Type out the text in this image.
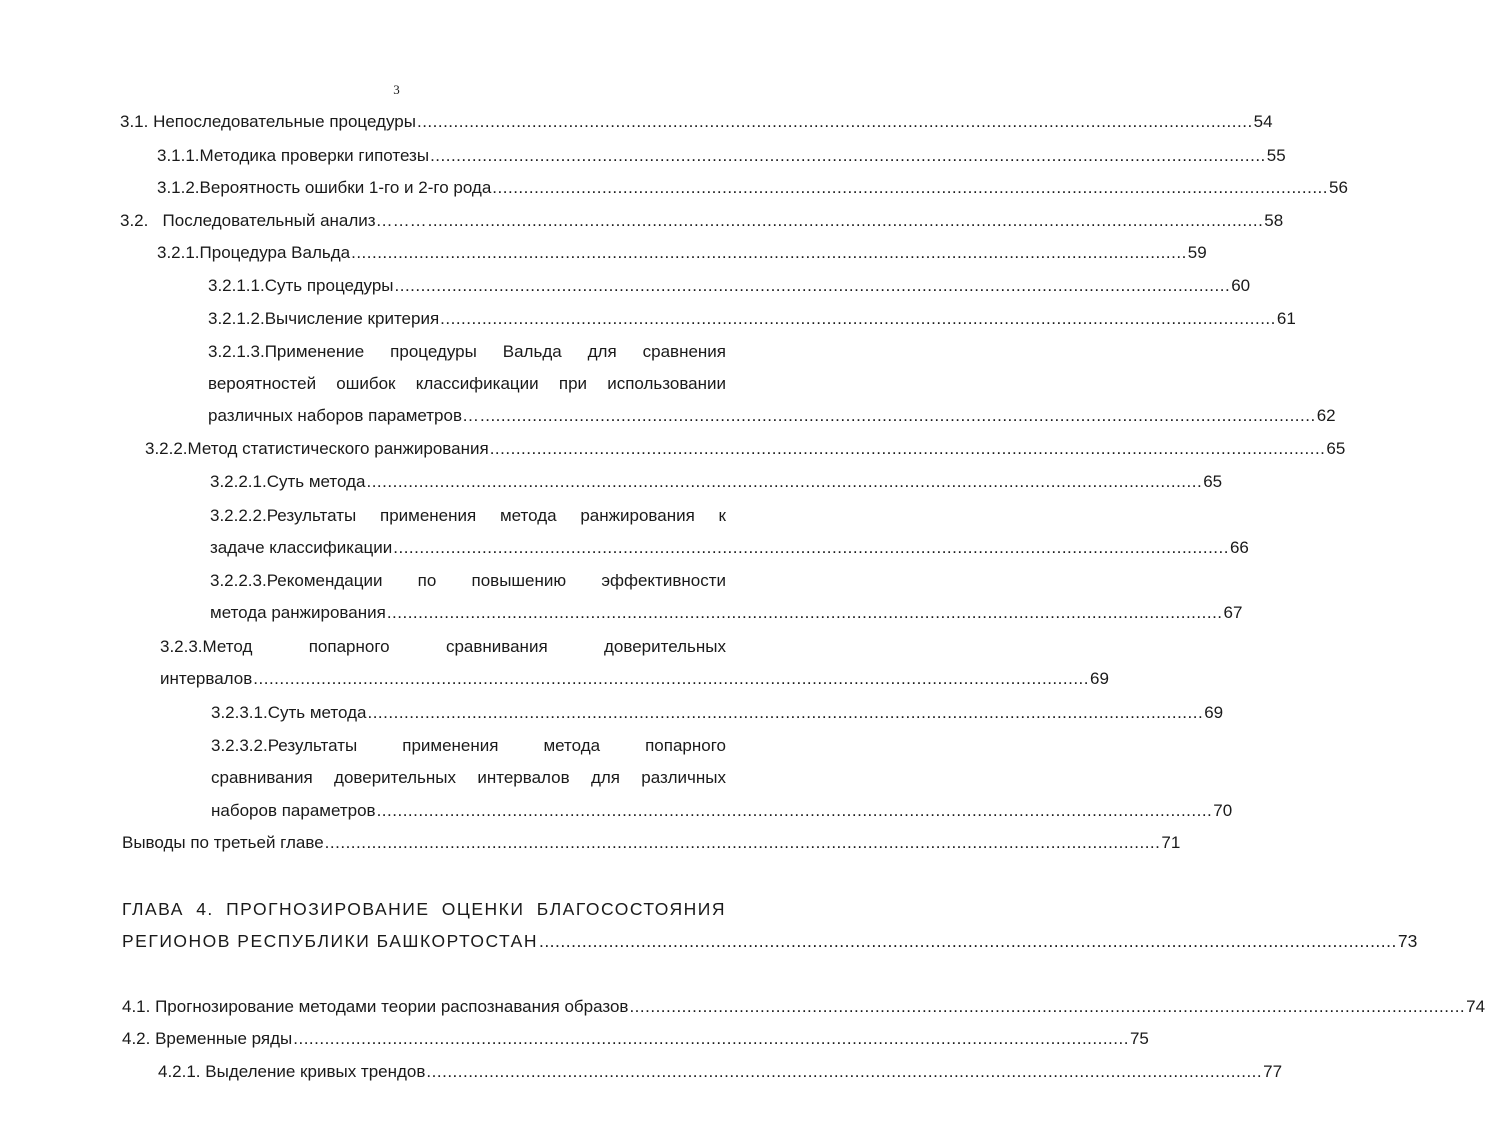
3
3.1. Непоследовательные процедуры ................................................................................................................................................................ 54
3.1.1.Методика проверки гипотезы ................................................................................................................................................................ 55
3.1.2.Вероятность ошибки 1-го и 2-го рода ................................................................................................................................................................ 56
3.2.   Последовательный анализ……… ................................................................................................................................................................ 58
3.2.1.Процедура Вальда ................................................................................................................................................................ 59
3.2.1.1.Суть процедуры ................................................................................................................................................................ 60
3.2.1.2.Вычисление критерия ................................................................................................................................................................ 61
3.2.1.3.Применение процедуры Вальда для сравнения
вероятностей ошибок классификации при использовании
различных наборов параметров… ................................................................................................................................................................ 62
3.2.2.Метод статистического ранжирования ................................................................................................................................................................ 65
3.2.2.1.Суть метода ................................................................................................................................................................ 65
3.2.2.2.Результаты применения метода ранжирования к
задаче классификации ................................................................................................................................................................ 66
3.2.2.3.Рекомендации по повышению эффективности
метода ранжирования ................................................................................................................................................................ 67
3.2.3.Метод	попарного	сравнивания	доверительных
интервалов ................................................................................................................................................................ 69
3.2.3.1.Суть метода ................................................................................................................................................................ 69
3.2.3.2.Результаты	применения	метода	попарного
сравнивания доверительных интервалов для различных
наборов параметров ................................................................................................................................................................ 70
Выводы по третьей главе ................................................................................................................................................................ 71
ГЛАВА 4. ПРОГНОЗИРОВАНИЕ ОЦЕНКИ БЛАГОСОСТОЯНИЯ
РЕГИОНОВ РЕСПУБЛИКИ БАШКОРТОСТАН ................................................................................................................................................................ 73
4.1. Прогнозирование методами теории распознавания образов ................................................................................................................................................................ 74
4.2. Временные ряды ................................................................................................................................................................ 75
4.2.1. Выделение кривых трендов ................................................................................................................................................................ 77
